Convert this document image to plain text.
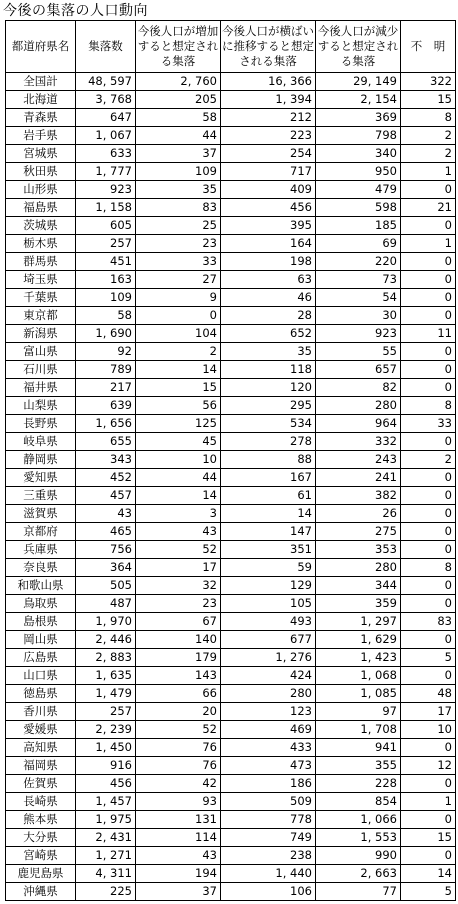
今後の集落の人口動向
都道府県名	集落数	今後人口が増加すると想定される集落	今後人口が横ばいに推移すると想定される集落	今後人口が減少すると想定される集落	不　明
全国計	48, 597	2, 760	16, 366	29, 149	322
北海道	3, 768	205	1, 394	2, 154	15
青森県	647	58	212	369	8
岩手県	1, 067	44	223	798	2
宮城県	633	37	254	340	2
秋田県	1, 777	109	717	950	1
山形県	923	35	409	479	0
福島県	1, 158	83	456	598	21
茨城県	605	25	395	185	0
栃木県	257	23	164	69	1
群馬県	451	33	198	220	0
埼玉県	163	27	63	73	0
千葉県	109	9	46	54	0
東京都	58	0	28	30	0
新潟県	1, 690	104	652	923	11
富山県	92	2	35	55	0
石川県	789	14	118	657	0
福井県	217	15	120	82	0
山梨県	639	56	295	280	8
長野県	1, 656	125	534	964	33
岐阜県	655	45	278	332	0
静岡県	343	10	88	243	2
愛知県	452	44	167	241	0
三重県	457	14	61	382	0
滋賀県	43	3	14	26	0
京都府	465	43	147	275	0
兵庫県	756	52	351	353	0
奈良県	364	17	59	280	8
和歌山県	505	32	129	344	0
鳥取県	487	23	105	359	0
島根県	1, 970	67	493	1, 297	83
岡山県	2, 446	140	677	1, 629	0
広島県	2, 883	179	1, 276	1, 423	5
山口県	1, 635	143	424	1, 068	0
徳島県	1, 479	66	280	1, 085	48
香川県	257	20	123	97	17
愛媛県	2, 239	52	469	1, 708	10
高知県	1, 450	76	433	941	0
福岡県	916	76	473	355	12
佐賀県	456	42	186	228	0
長崎県	1, 457	93	509	854	1
熊本県	1, 975	131	778	1, 066	0
大分県	2, 431	114	749	1, 553	15
宮崎県	1, 271	43	238	990	0
鹿児島県	4, 311	194	1, 440	2, 663	14
沖縄県	225	37	106	77	5
